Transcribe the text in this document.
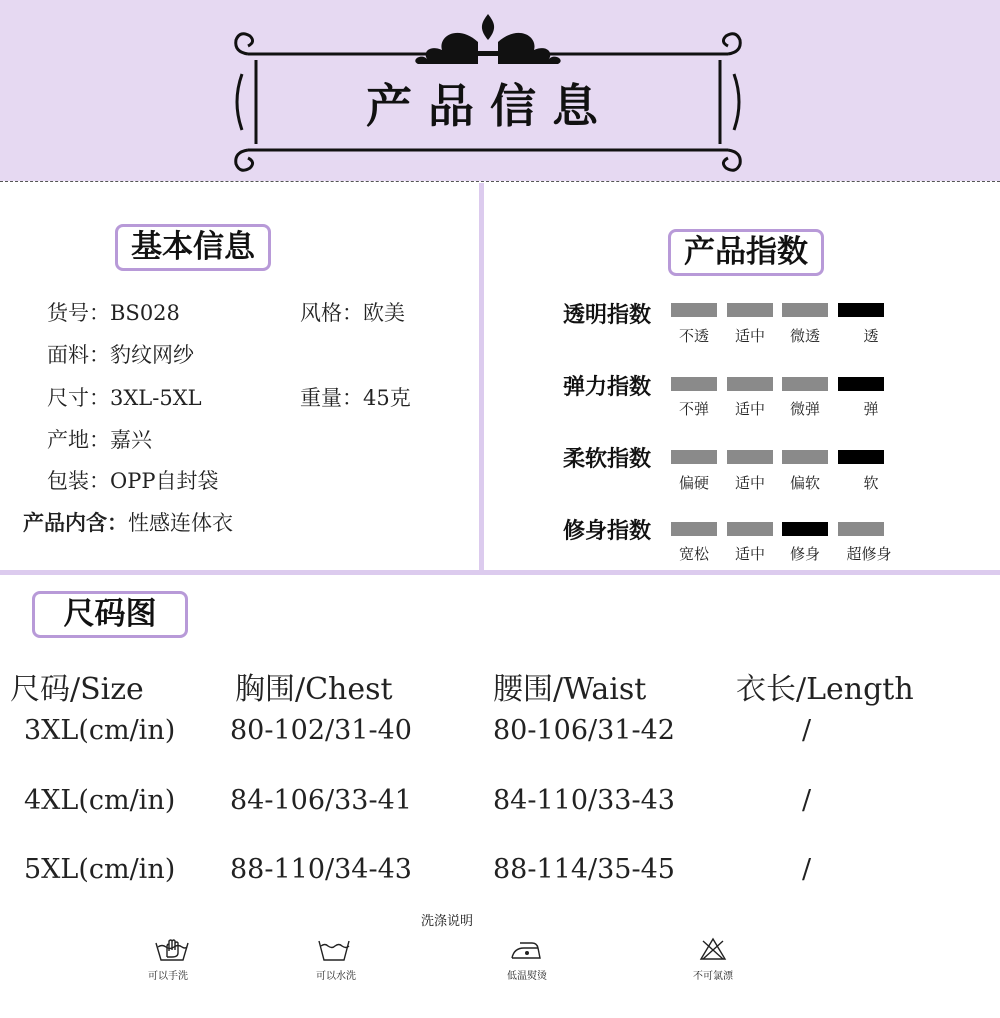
产品信息
基本信息
货号：BS028	风格：欧美
面料：豹纹网纱
尺寸：3XL-5XL	重量：45克
产地：嘉兴
包装：OPP自封袋
产品内含：性感连体衣
产品指数
透明指数
不透	适中	微透	透
弹力指数
不弹	适中	微弹	弹
柔软指数
偏硬	适中	偏软	软
修身指数
宽松	适中	修身	超修身
尺码图
尺码/Size	胸围/Chest	腰围/Waist	衣长/Length
3XL(cm/in) 80-102/31-40	80-106/31-42	/
4XL(cm/in) 84-106/33-41	84-110/33-43	/
5XL(cm/in) 88-110/34-43	88-114/35-45	/
洗涤说明
可以手洗	可以水洗	低温熨烫	不可氯漂
